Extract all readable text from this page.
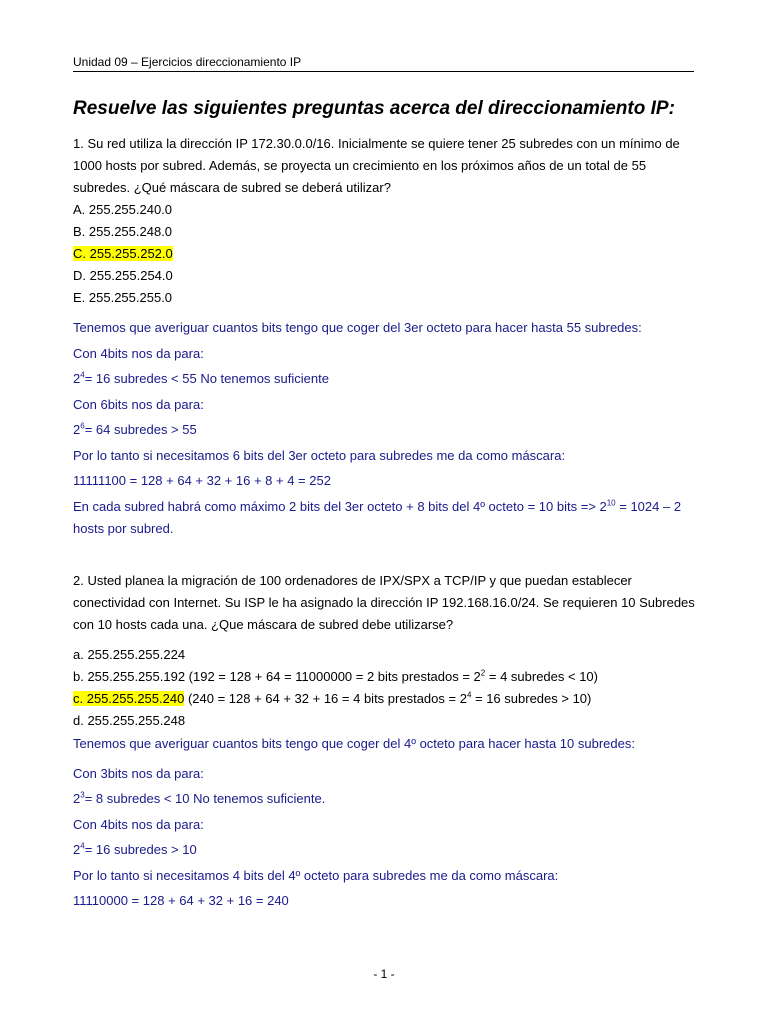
Unidad 09 – Ejercicios direccionamiento IP
Resuelve las siguientes preguntas acerca del direccionamiento IP:
1. Su red utiliza la dirección IP 172.30.0.0/16. Inicialmente se quiere tener 25 subredes con un mínimo de
1000 hosts por subred. Además, se proyecta un crecimiento en los próximos años de un total de 55
subredes. ¿Qué máscara de subred se deberá utilizar?
A. 255.255.240.0
B. 255.255.248.0
C. 255.255.252.0
D. 255.255.254.0
E. 255.255.255.0
Tenemos que averiguar cuantos bits tengo que coger del 3er octeto para hacer hasta 55 subredes:
Con 4bits nos da para:
$2^4= 16$ subredes < 55 No tenemos suficiente
Con 6bits nos da para:
$2^6= 64$ subredes > 55
Por lo tanto si necesitamos 6 bits del 3er octeto para subredes me da como máscara:
11111100 = 128 + 64 + 32 + 16 + 8 + 4 = 252
En cada subred habrá como máximo 2 bits del 3er octeto + 8 bits del 4º octeto = 10 bits => $2^{10} = 1024 - 2$
hosts por subred.
2. Usted planea la migración de 100 ordenadores de IPX/SPX a TCP/IP y que puedan establecer
conectividad con Internet. Su ISP le ha asignado la dirección IP 192.168.16.0/24. Se requieren 10 Subredes
con 10 hosts cada una. ¿Que máscara de subred debe utilizarse?
a. 255.255.255.224
b. 255.255.255.192 (192 = 128 + 64 = 11000000 = 2 bits prestados = $2^2 = 4$ subredes < 10)
c. 255.255.255.240 (240 = 128 + 64 + 32 + 16 = 4 bits prestados = $2^4 = 16$ subredes > 10)
d. 255.255.255.248
Tenemos que averiguar cuantos bits tengo que coger del 4º octeto para hacer hasta 10 subredes:
Con 3bits nos da para:
$2^3= 8$ subredes < 10 No tenemos suficiente.
Con 4bits nos da para:
$2^4= 16$ subredes > 10
Por lo tanto si necesitamos 4 bits del 4º octeto para subredes me da como máscara:
11110000 = 128 + 64 + 32 + 16 = 240
- 1 -
